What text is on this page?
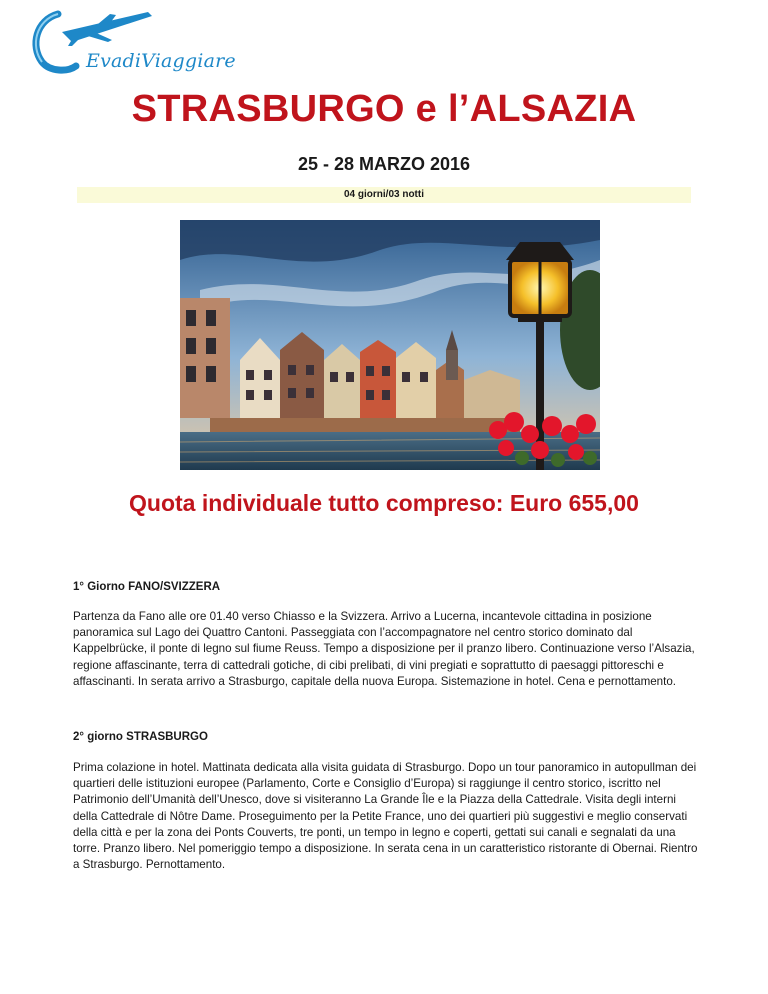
EvadiViaggiare
STRASBURGO e l’ALSAZIA
25 - 28 MARZO 2016
04 giorni/03 notti
Quota individuale tutto compreso: Euro 655,00
1° Giorno FANO/SVIZZERA

Partenza da Fano alle ore 01.40 verso Chiasso e la Svizzera. Arrivo a Lucerna, incantevole cittadina in posizione panoramica sul Lago dei Quattro Cantoni. Passeggiata con l’accompagnatore nel centro storico dominato dal Kappelbrücke, il ponte di legno sul fiume Reuss. Tempo a disposizione per il pranzo libero. Continuazione verso l’Alsazia, regione affascinante, terra di cattedrali gotiche, di cibi prelibati, di vini pregiati e soprattutto di paesaggi pittoreschi e affascinanti. In serata arrivo a Strasburgo, capitale della nuova Europa. Sistemazione in hotel. Cena e pernottamento.

2° giorno STRASBURGO

Prima colazione in hotel. Mattinata dedicata alla visita guidata di Strasburgo. Dopo un tour panoramico in autopullman dei quartieri delle istituzioni europee (Parlamento, Corte e Consiglio d’Europa) si raggiunge il centro storico, iscritto nel Patrimonio dell’Umanità dell’Unesco, dove si visiteranno La Grande Île e la Piazza della Cattedrale. Visita degli interni della Cattedrale di Nôtre Dame. Proseguimento per la Petite France, uno dei quartieri più suggestivi e meglio conservati della città e per la zona dei Ponts Couverts, tre ponti, un tempo in legno e coperti, gettati sui canali e segnalati da una torre. Pranzo libero. Nel pomeriggio tempo a disposizione. In serata cena in un caratteristico ristorante di Obernai. Rientro a Strasburgo. Pernottamento.
